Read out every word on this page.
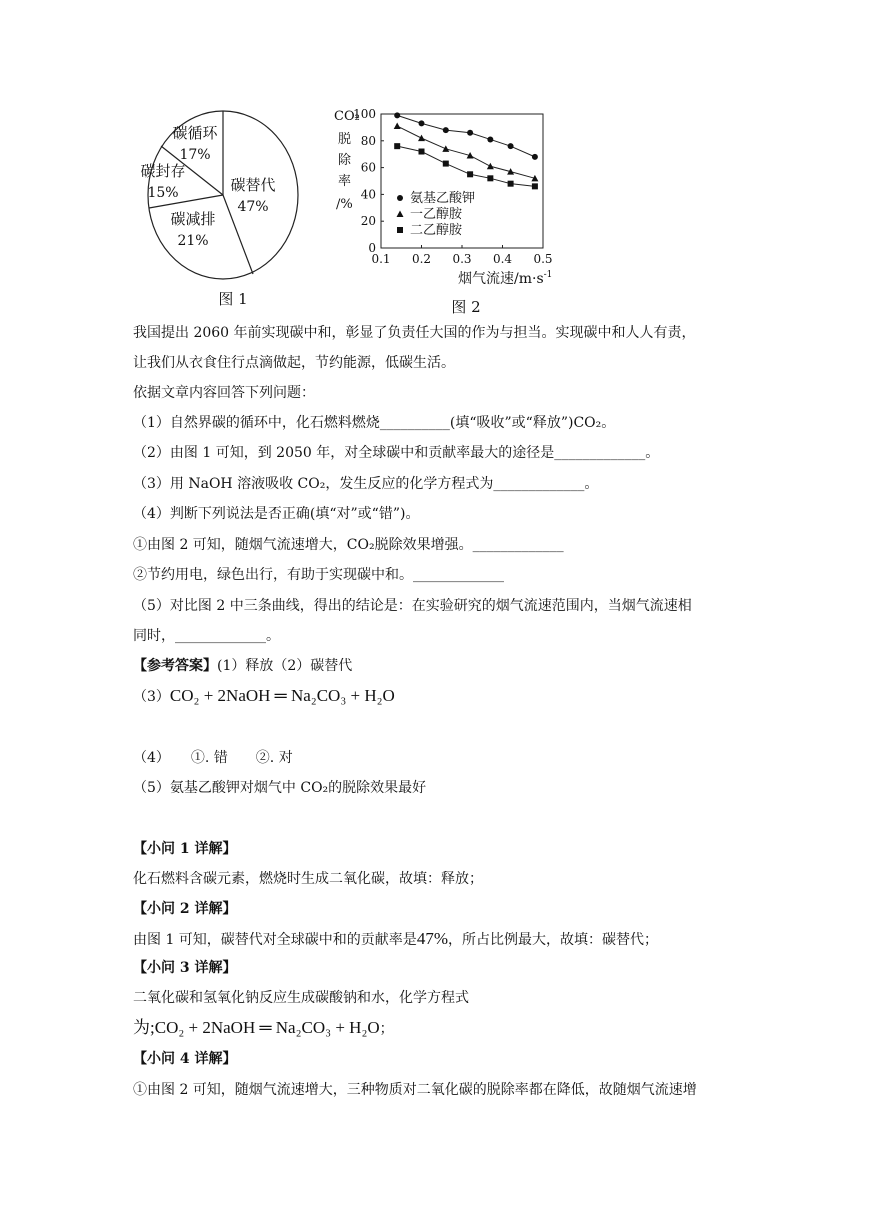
碳替代
47%
碳减排
21%
碳封存
15%
碳循环
17%
图 1
0
20
40
60
80
100
0.1 0.2 0.3 0.4 0.5
氨基乙酸钾
一乙醇胺
二乙醇胺
CO₂
脱
除
率
/%
烟气流速$/m\cdot s^{-1}$
图 2
我国提出 2060 年前实现碳中和，彰显了负责任大国的作为与担当。实现碳中和人人有责，
让我们从衣食住行点滴做起，节约能源，低碳生活。
依据文章内容回答下列问题：
（1）自然界碳的循环中，化石燃料燃烧__________(填“吸收”或“释放”)CO₂。
（2）由图 1 可知，到 2050 年，对全球碳中和贡献率最大的途径是_____________。
（3）用 NaOH 溶液吸收 CO₂，发生反应的化学方程式为_____________。
（4）判断下列说法是否正确(填“对”或“错”)。
①由图 2 可知，随烟气流速增大，CO₂脱除效果增强。_____________
②节约用电，绿色出行，有助于实现碳中和。_____________
（5）对比图 2 中三条曲线，得出的结论是：在实验研究的烟气流速范围内，当烟气流速相
同时，_____________。
【参考答案】(1）释放（2）碳替代
（3）CO₂ + 2NaOH ═ Na₂CO₃ + H₂O
（4）　　①. 错　　②. 对
（5）氨基乙酸钾对烟气中 CO₂的脱除效果最好
【小问 1 详解】
化石燃料含碳元素，燃烧时生成二氧化碳，故填：释放；
【小问 2 详解】
由图 1 可知，碳替代对全球碳中和的贡献率是47%，所占比例最大，故填：碳替代；
【小问 3 详解】
二氧化碳和氢氧化钠反应生成碳酸钠和水，化学方程式
为;CO₂ + 2NaOH ═ Na₂CO₃ + H₂O；
【小问 4 详解】
①由图 2 可知，随烟气流速增大，三种物质对二氧化碳的脱除率都在降低，故随烟气流速增
